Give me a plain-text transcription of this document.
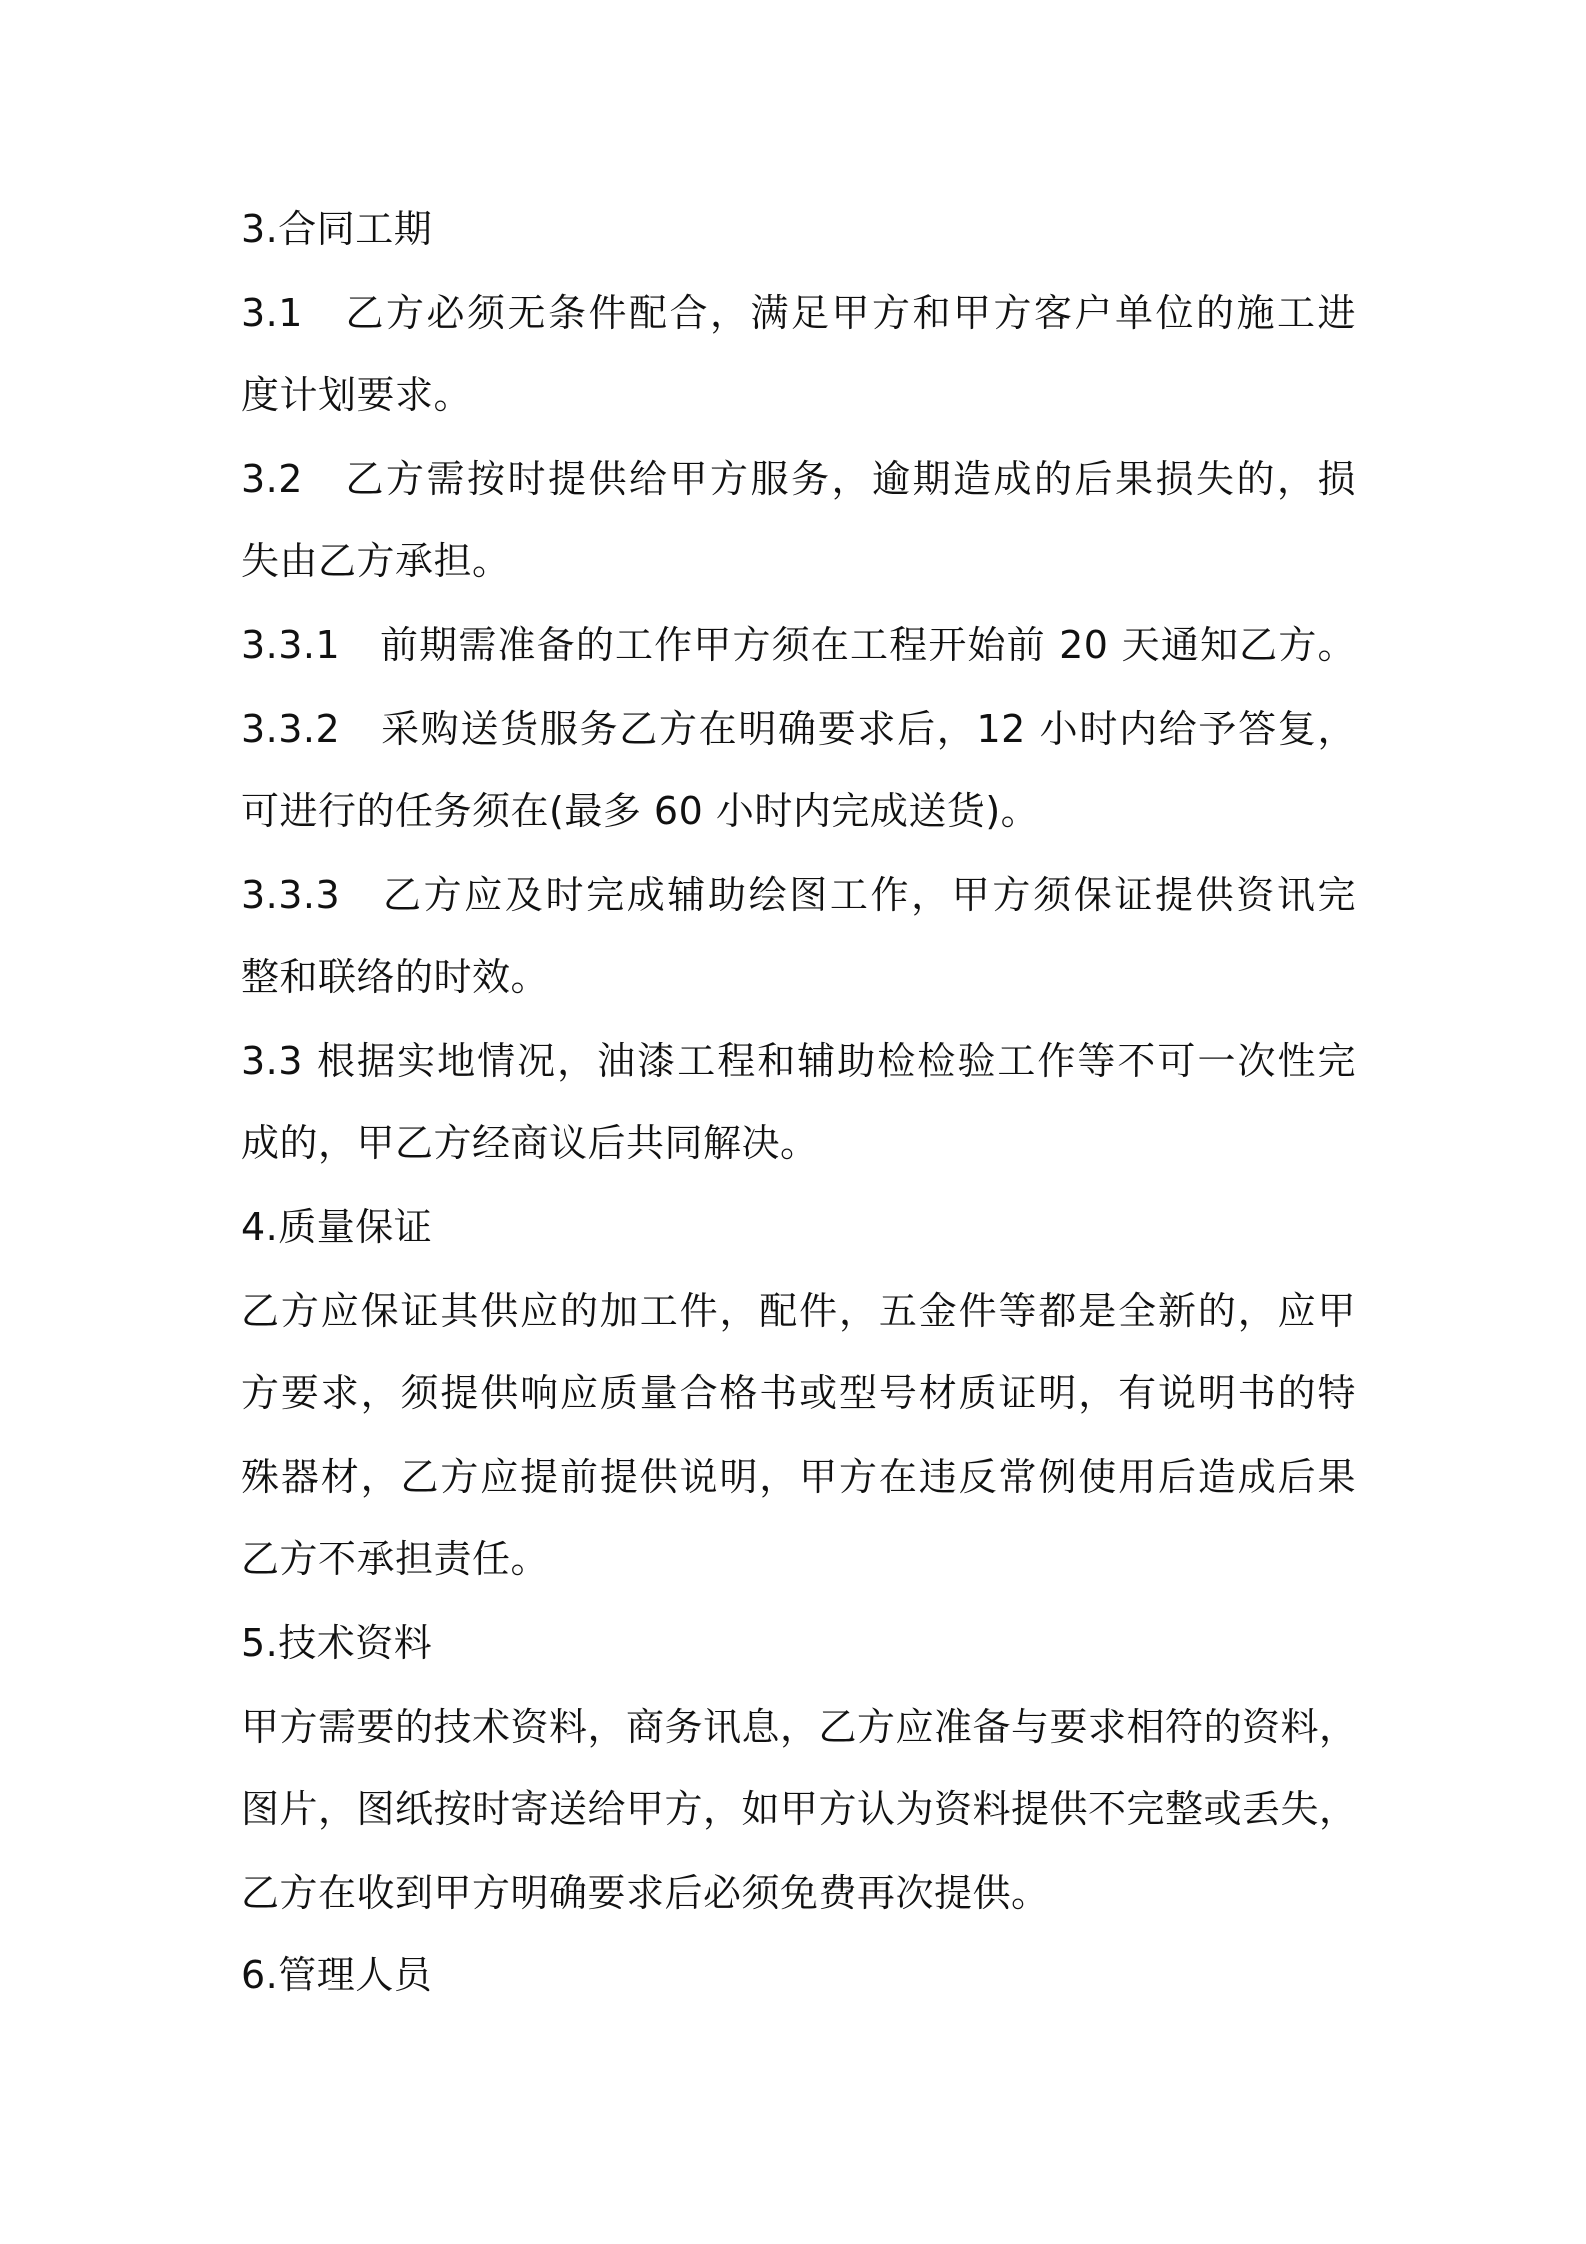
3.合同工期
3.1　乙方必须无条件配合，满足甲方和甲方客户单位的施工进
度计划要求。
3.2　乙方需按时提供给甲方服务，逾期造成的后果损失的，损
失由乙方承担。
3.3.1　前期需准备的工作甲方须在工程开始前 20 天通知乙方。
3.3.2　采购送货服务乙方在明确要求后，12 小时内给予答复，
可进行的任务须在(最多 60 小时内完成送货)。
3.3.3　乙方应及时完成辅助绘图工作，甲方须保证提供资讯完
整和联络的时效。
3.3 根据实地情况，油漆工程和辅助检检验工作等不可一次性完
成的，甲乙方经商议后共同解决。
4.质量保证
乙方应保证其供应的加工件，配件，五金件等都是全新的，应甲
方要求，须提供响应质量合格书或型号材质证明，有说明书的特
殊器材，乙方应提前提供说明，甲方在违反常例使用后造成后果
乙方不承担责任。
5.技术资料
甲方需要的技术资料，商务讯息，乙方应准备与要求相符的资料，
图片，图纸按时寄送给甲方，如甲方认为资料提供不完整或丢失，
乙方在收到甲方明确要求后必须免费再次提供。
6.管理人员
